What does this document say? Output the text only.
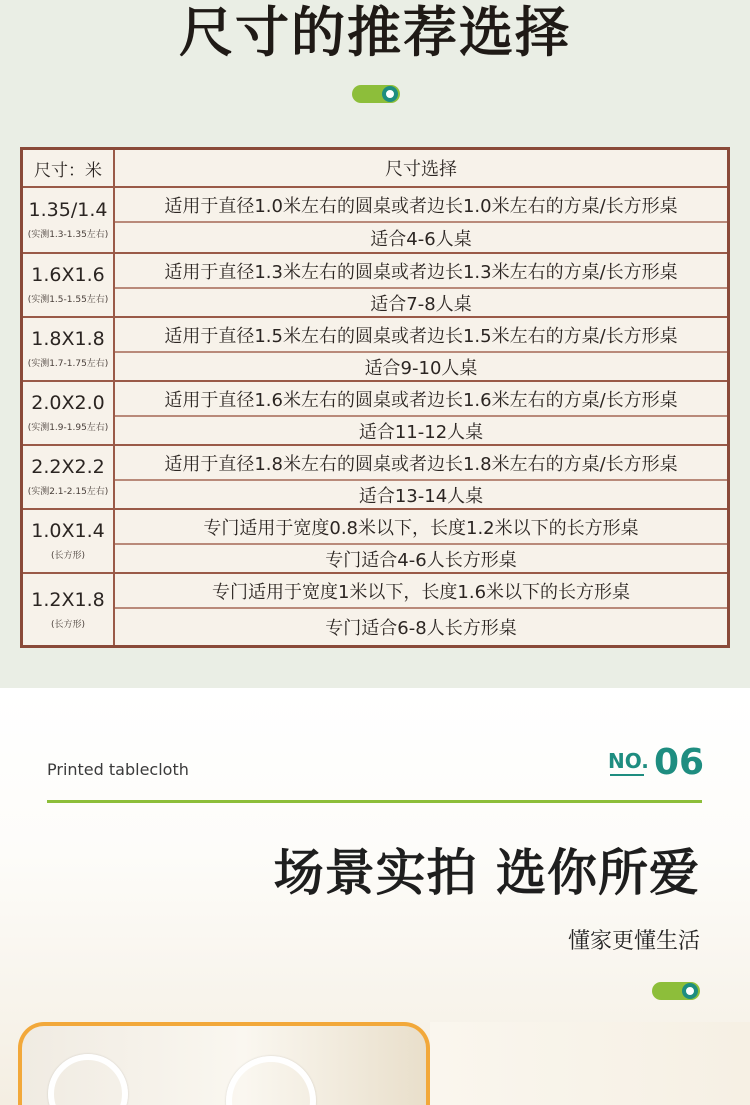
尺寸的推荐选择
尺寸：米	尺寸选择
1.35/1.4
(实测1.3-1.35左右)
适用于直径1.0米左右的圆桌或者边长1.0米左右的方桌/长方形桌
适合4-6人桌
1.6X1.6
(实测1.5-1.55左右)
适用于直径1.3米左右的圆桌或者边长1.3米左右的方桌/长方形桌
适合7-8人桌
1.8X1.8
(实测1.7-1.75左右)
适用于直径1.5米左右的圆桌或者边长1.5米左右的方桌/长方形桌
适合9-10人桌
2.0X2.0
(实测1.9-1.95左右)
适用于直径1.6米左右的圆桌或者边长1.6米左右的方桌/长方形桌
适合11-12人桌
2.2X2.2
(实测2.1-2.15左右)
适用于直径1.8米左右的圆桌或者边长1.8米左右的方桌/长方形桌
适合13-14人桌
1.0X1.4
(长方形)
专门适用于宽度0.8米以下，长度1.2米以下的长方形桌
专门适合4-6人长方形桌
1.2X1.8
(长方形)
专门适用于宽度1米以下，长度1.6米以下的长方形桌
专门适合6-8人长方形桌
Printed tablecloth	NO. 06
场景实拍 选你所爱
懂家更懂生活
